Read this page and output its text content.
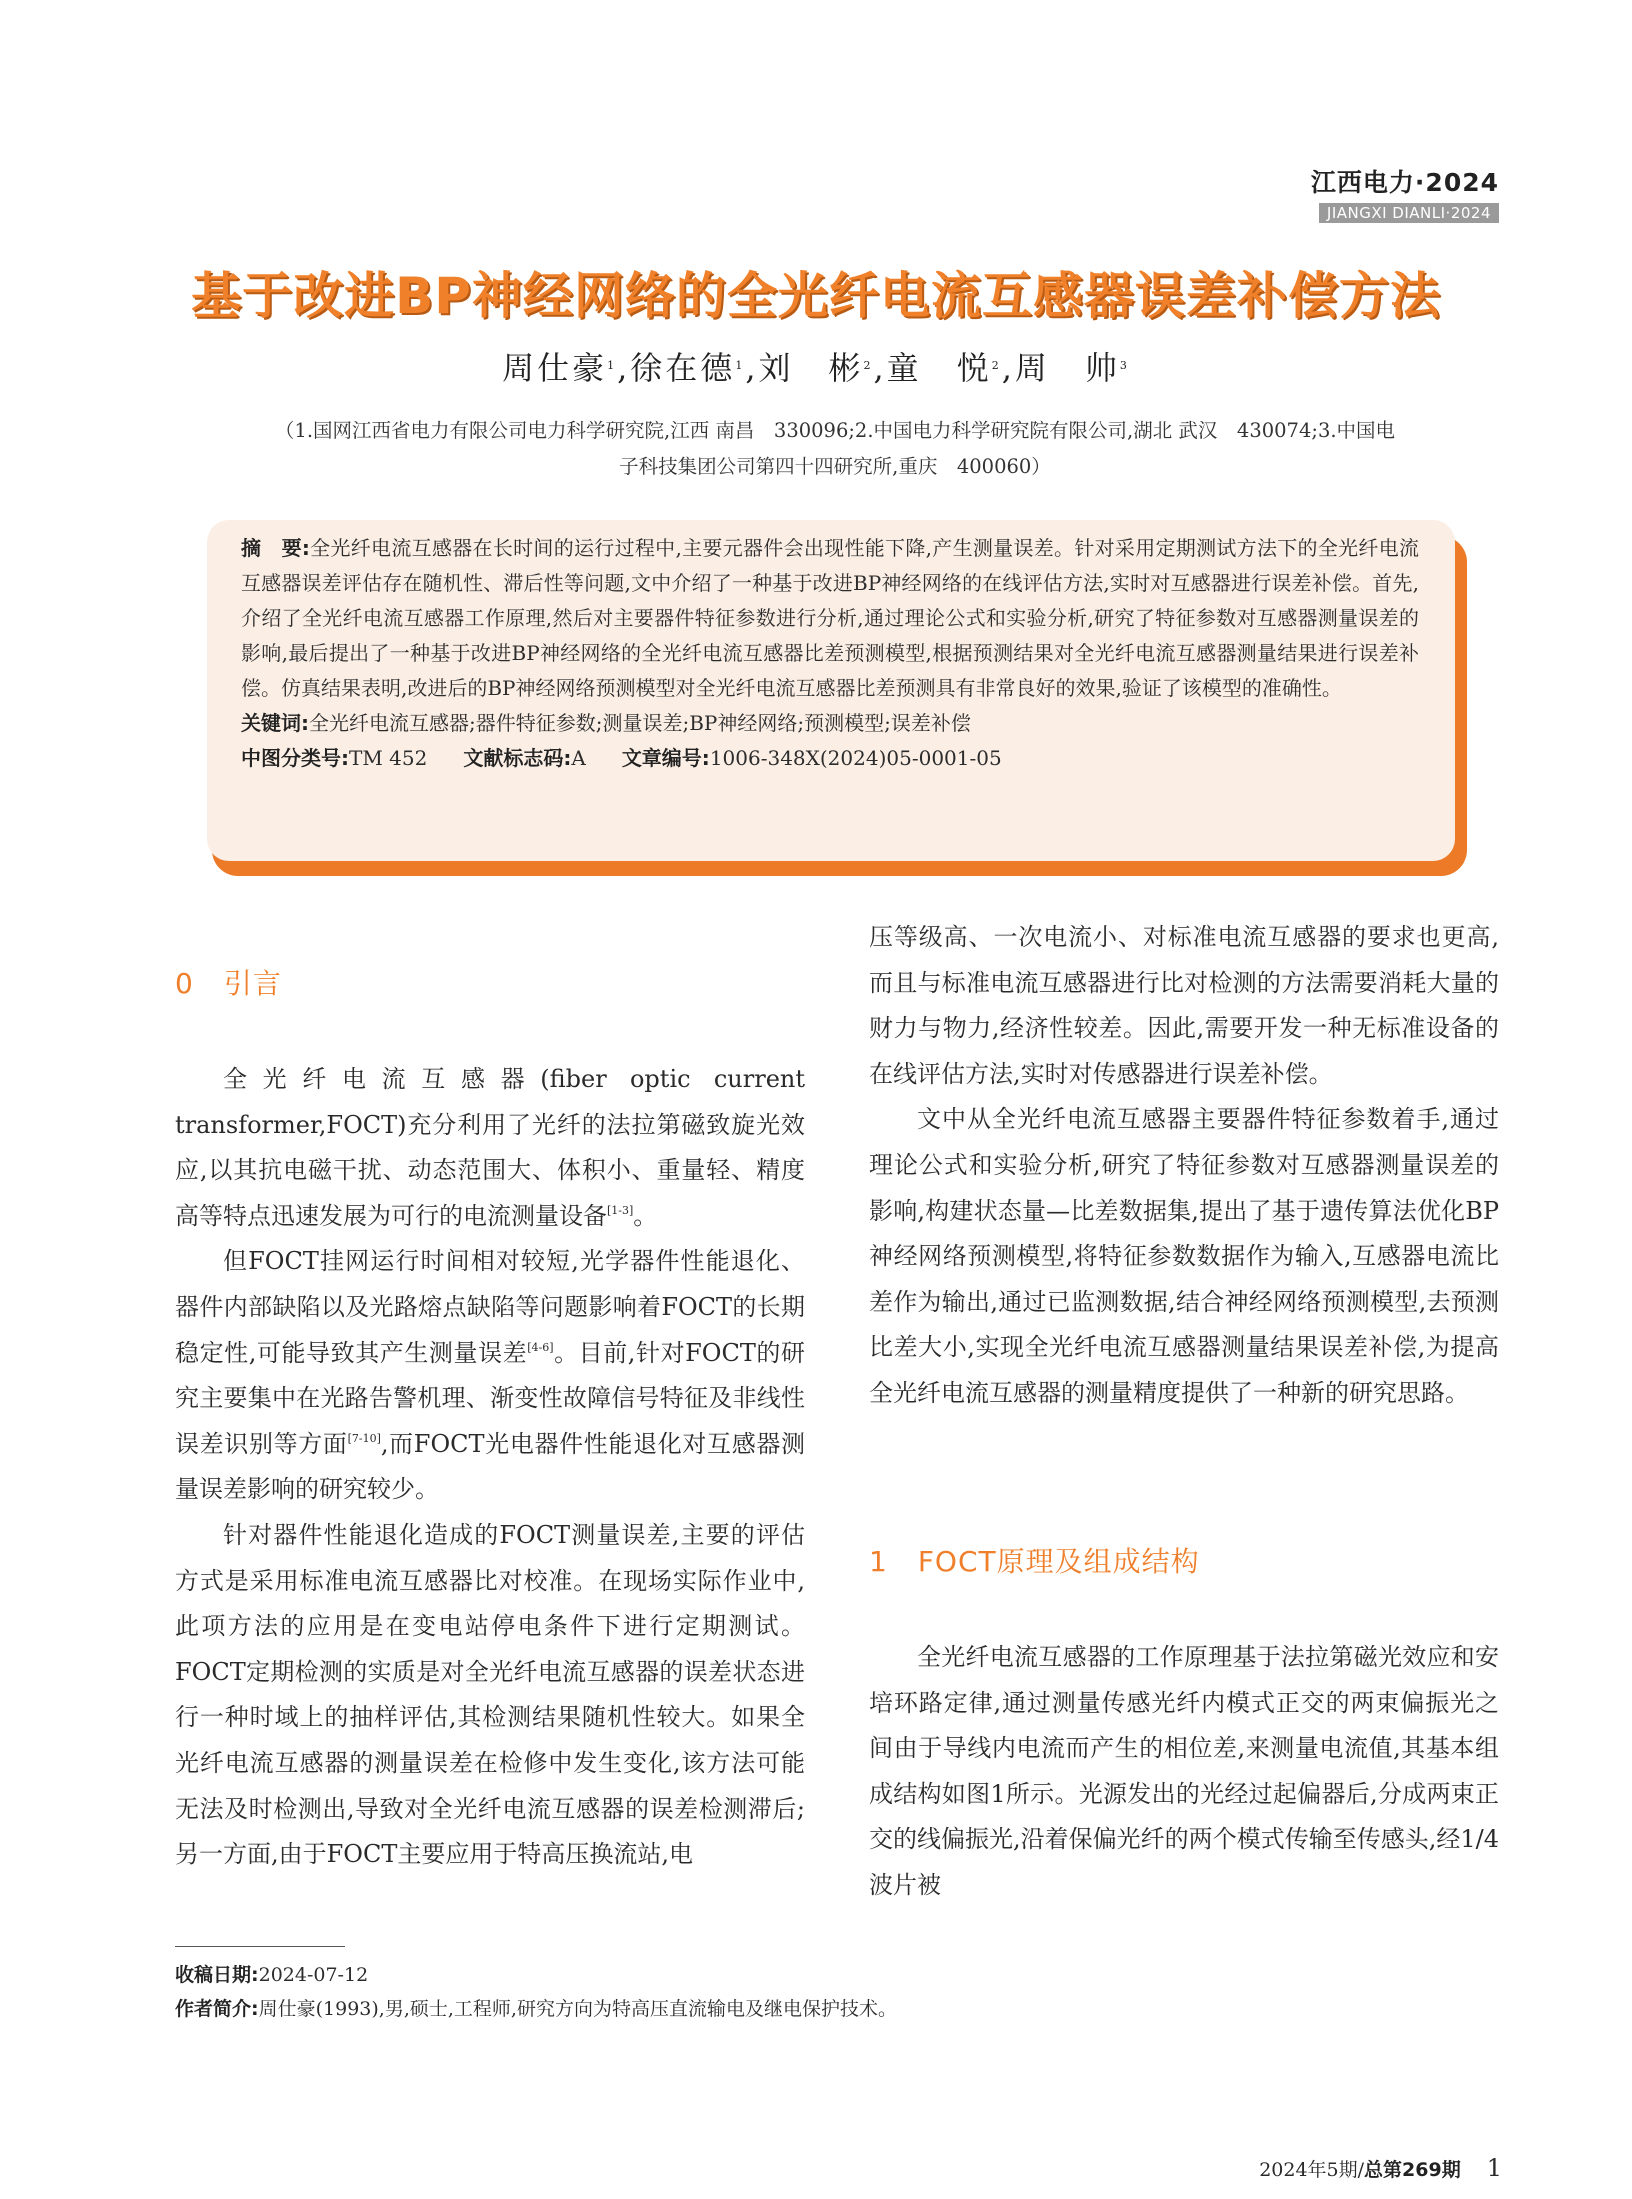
江西电力·2024
JIANGXI DIANLI·2024
基于改进BP神经网络的全光纤电流互感器误差补偿方法
周仕豪$^1$,徐在德$^1$,刘　彬$^2$,童　悦$^2$,周　帅$^3$
（1.国网江西省电力有限公司电力科学研究院,江西 南昌　330096;2.中国电力科学研究院有限公司,湖北 武汉　430074;3.中国电
子科技集团公司第四十四研究所,重庆　400060）
摘　要:全光纤电流互感器在长时间的运行过程中,主要元器件会出现性能下降,产生测量误差。针对采用定期测试方法下的全光纤电流互感器误差评估存在随机性、滞后性等问题,文中介绍了一种基于改进BP神经网络的在线评估方法,实时对互感器进行误差补偿。首先,介绍了全光纤电流互感器工作原理,然后对主要器件特征参数进行分析,通过理论公式和实验分析,研究了特征参数对互感器测量误差的影响,最后提出了一种基于改进BP神经网络的全光纤电流互感器比差预测模型,根据预测结果对全光纤电流互感器测量结果进行误差补偿。仿真结果表明,改进后的BP神经网络预测模型对全光纤电流互感器比差预测具有非常良好的效果,验证了该模型的准确性。
关键词:全光纤电流互感器;器件特征参数;测量误差;BP神经网络;预测模型;误差补偿
中图分类号:TM 452 文献标志码:A 文章编号:1006-348X(2024)05-0001-05
0 引言

全光纤电流互感器(fiber optic current transformer,FOCT)充分利用了光纤的法拉第磁致旋光效应,以其抗电磁干扰、动态范围大、体积小、重量轻、精度高等特点迅速发展为可行的电流测量设备[1-3]。

但FOCT挂网运行时间相对较短,光学器件性能退化、器件内部缺陷以及光路熔点缺陷等问题影响着FOCT的长期稳定性,可能导致其产生测量误差[4-6]。目前,针对FOCT的研究主要集中在光路告警机理、渐变性故障信号特征及非线性误差识别等方面[7-10],而FOCT光电器件性能退化对互感器测量误差影响的研究较少。

针对器件性能退化造成的FOCT测量误差,主要的评估方式是采用标准电流互感器比对校准。在现场实际作业中,此项方法的应用是在变电站停电条件下进行定期测试。FOCT定期检测的实质是对全光纤电流互感器的误差状态进行一种时域上的抽样评估,其检测结果随机性较大。如果全光纤电流互感器的测量误差在检修中发生变化,该方法可能无法及时检测出,导致对全光纤电流互感器的误差检测滞后;另一方面,由于FOCT主要应用于特高压换流站,电

压等级高、一次电流小、对标准电流互感器的要求也更高,而且与标准电流互感器进行比对检测的方法需要消耗大量的财力与物力,经济性较差。因此,需要开发一种无标准设备的在线评估方法,实时对传感器进行误差补偿。

文中从全光纤电流互感器主要器件特征参数着手,通过理论公式和实验分析,研究了特征参数对互感器测量误差的影响,构建状态量—比差数据集,提出了基于遗传算法优化BP神经网络预测模型,将特征参数数据作为输入,互感器电流比差作为输出,通过已监测数据,结合神经网络预测模型,去预测比差大小,实现全光纤电流互感器测量结果误差补偿,为提高全光纤电流互感器的测量精度提供了一种新的研究思路。

1 FOCT原理及组成结构

全光纤电流互感器的工作原理基于法拉第磁光效应和安培环路定律,通过测量传感光纤内模式正交的两束偏振光之间由于导线内电流而产生的相位差,来测量电流值,其基本组成结构如图1所示。光源发出的光经过起偏器后,分成两束正交的线偏振光,沿着保偏光纤的两个模式传输至传感头,经1/4波片被

收稿日期:2024-07-12
作者简介:周仕豪(1993),男,硕士,工程师,研究方向为特高压直流输电及继电保护技术。
2024年5期/总第269期 1
